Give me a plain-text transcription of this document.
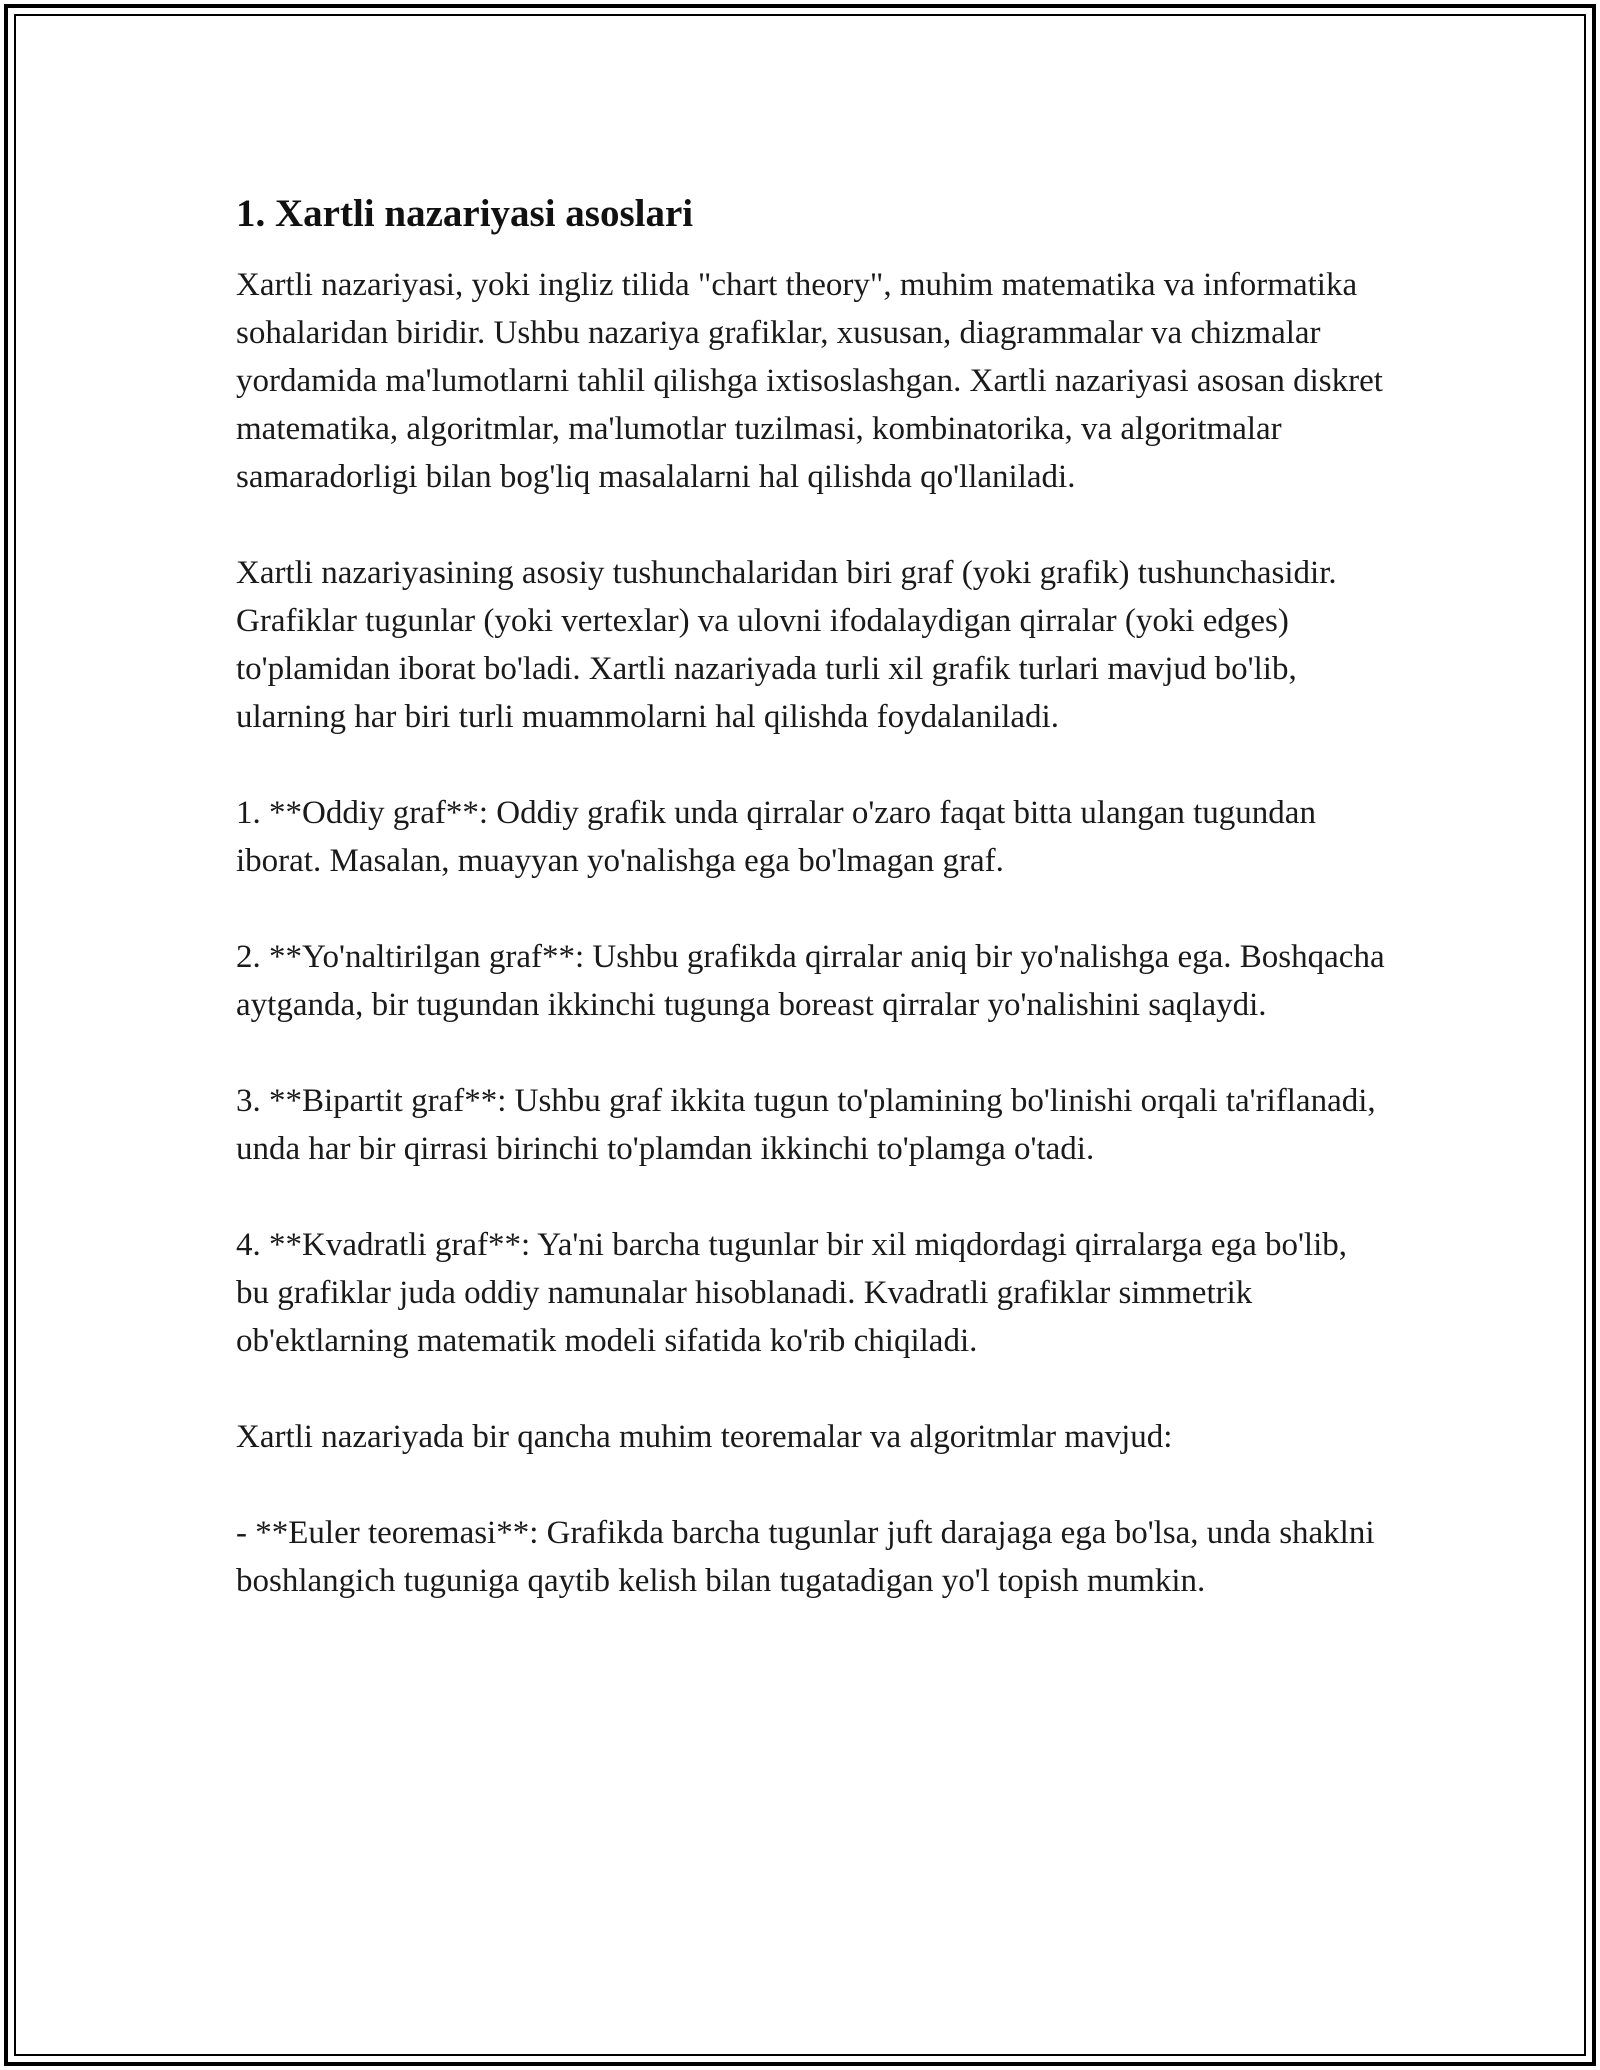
1. Xartli nazariyasi asoslari

Xartli nazariyasi, yoki ingliz tilida "chart theory", muhim matematika va informatika sohalaridan biridir. Ushbu nazariya grafiklar, xususan, diagrammalar va chizmalar yordamida ma'lumotlarni tahlil qilishga ixtisoslashgan. Xartli nazariyasi asosan diskret matematika, algoritmlar, ma'lumotlar tuzilmasi, kombinatorika, va algoritmalar samaradorligi bilan bog'liq masalalarni hal qilishda qo'llaniladi.

Xartli nazariyasining asosiy tushunchalaridan biri graf (yoki grafik) tushunchasidir. Grafiklar tugunlar (yoki vertexlar) va ulovni ifodalaydigan qirralar (yoki edges) to'plamidan iborat bo'ladi. Xartli nazariyada turli xil grafik turlari mavjud bo'lib, ularning har biri turli muammolarni hal qilishda foydalaniladi.

1. **Oddiy graf**: Oddiy grafik unda qirralar o'zaro faqat bitta ulangan tugundan iborat. Masalan, muayyan yo'nalishga ega bo'lmagan graf.

2. **Yo'naltirilgan graf**: Ushbu grafikda qirralar aniq bir yo'nalishga ega. Boshqacha aytganda, bir tugundan ikkinchi tugunga boreast qirralar yo'nalishini saqlaydi.

3. **Bipartit graf**: Ushbu graf ikkita tugun to'plamining bo'linishi orqali ta'riflanadi, unda har bir qirrasi birinchi to'plamdan ikkinchi to'plamga o'tadi.

4. **Kvadratli graf**: Ya'ni barcha tugunlar bir xil miqdordagi qirralarga ega bo'lib, bu grafiklar juda oddiy namunalar hisoblanadi. Kvadratli grafiklar simmetrik ob'ektlarning matematik modeli sifatida ko'rib chiqiladi.

Xartli nazariyada bir qancha muhim teoremalar va algoritmlar mavjud:

- **Euler teoremasi**: Grafikda barcha tugunlar juft darajaga ega bo'lsa, unda shaklni boshlangich tuguniga qaytib kelish bilan tugatadigan yo'l topish mumkin.
